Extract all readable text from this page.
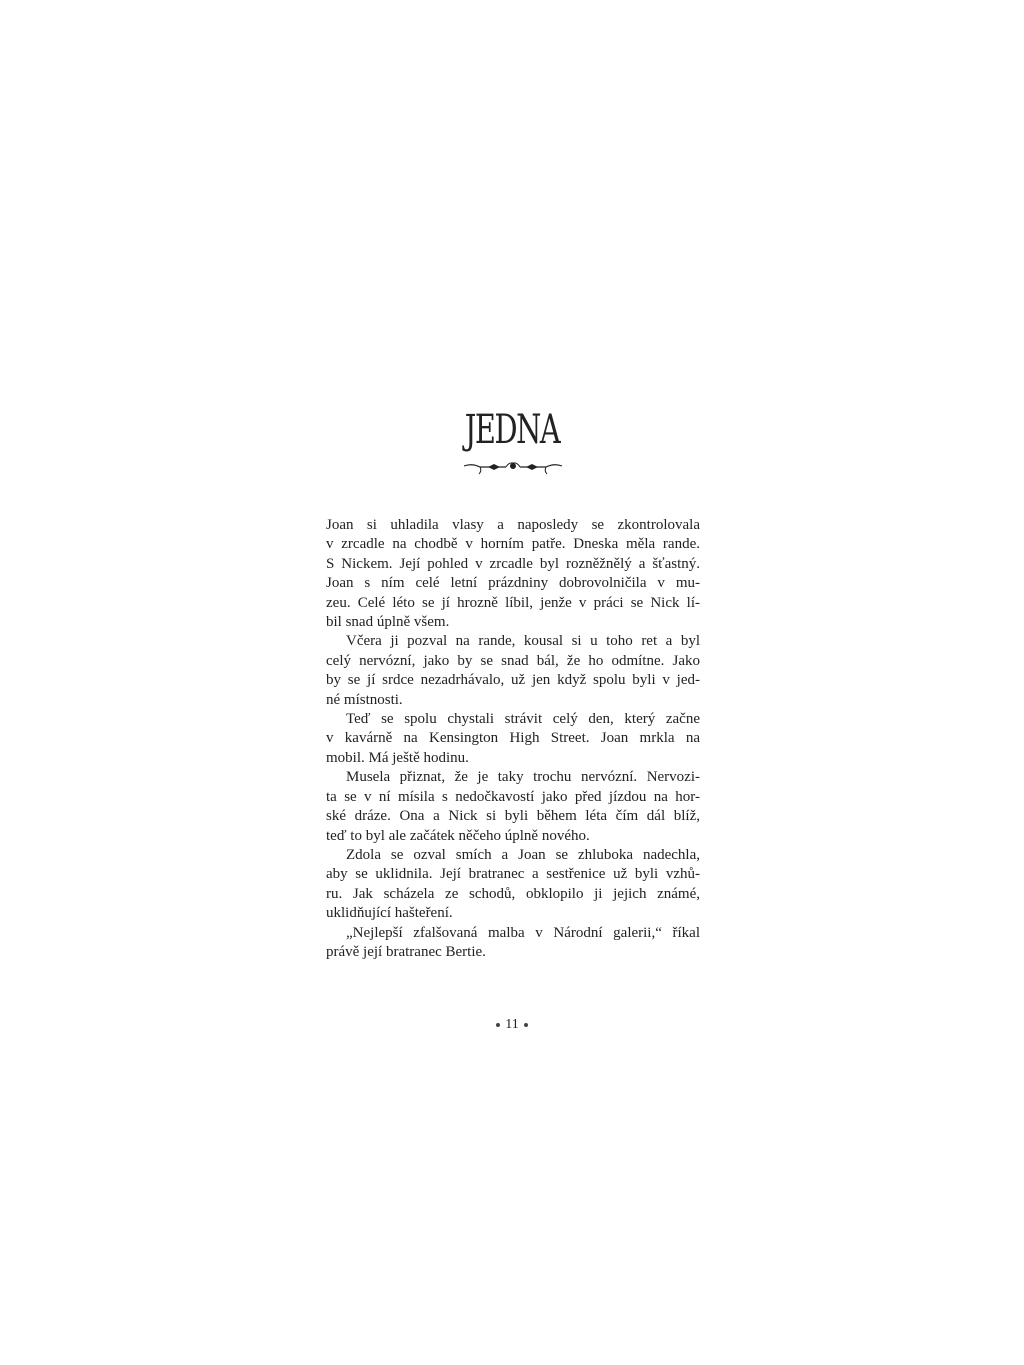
JEDNA
Joan si uhladila vlasy a naposledy se zkontrolovala
v zrcadle na chodbě v horním patře. Dneska měla rande.
S Nickem. Její pohled v zrcadle byl rozněžnělý a šťastný.
Joan s ním celé letní prázdniny dobrovolničila v mu-
zeu. Celé léto se jí hrozně líbil, jenže v práci se Nick lí-
bil snad úplně všem.
Včera ji pozval na rande, kousal si u toho ret a byl
celý nervózní, jako by se snad bál, že ho odmítne. Jako
by se jí srdce nezadrhávalo, už jen když spolu byli v jed-
né místnosti.
Teď se spolu chystali strávit celý den, který začne
v kavárně na Kensington High Street. Joan mrkla na
mobil. Má ještě hodinu.
Musela přiznat, že je taky trochu nervózní. Nervozi-
ta se v ní mísila s nedočkavostí jako před jízdou na hor-
ské dráze. Ona a Nick si byli během léta čím dál blíž,
teď to byl ale začátek něčeho úplně nového.
Zdola se ozval smích a Joan se zhluboka nadechla,
aby se uklidnila. Její bratranec a sestřenice už byli vzhů-
ru. Jak scházela ze schodů, obklopilo ji jejich známé,
uklidňující hašteření.
„Nejlepší zfalšovaná malba v Národní galerii,“ říkal
právě její bratranec Bertie.
11
